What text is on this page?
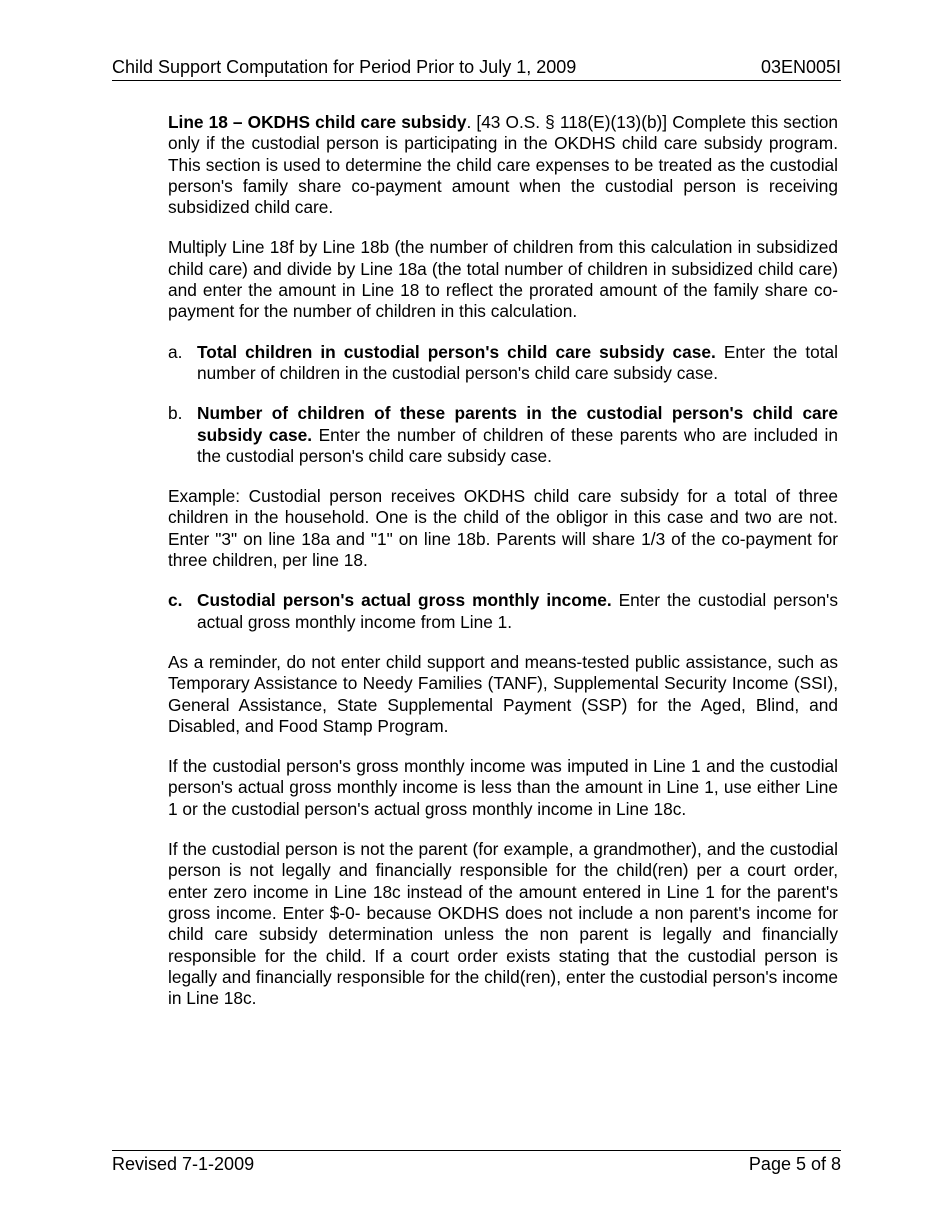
Child Support Computation for Period Prior to July 1, 2009	03EN005I

Line 18 – OKDHS child care subsidy. [43 O.S. § 118(E)(13)(b)] Complete this section only if the custodial person is participating in the OKDHS child care subsidy program. This section is used to determine the child care expenses to be treated as the custodial person's family share co-payment amount when the custodial person is receiving subsidized child care.

Multiply Line 18f by Line 18b (the number of children from this calculation in subsidized child care) and divide by Line 18a (the total number of children in subsidized child care) and enter the amount in Line 18 to reflect the prorated amount of the family share co-payment for the number of children in this calculation.

a. Total children in custodial person's child care subsidy case. Enter the total number of children in the custodial person's child care subsidy case.
b. Number of children of these parents in the custodial person's child care subsidy case. Enter the number of children of these parents who are included in the custodial person's child care subsidy case.

Example: Custodial person receives OKDHS child care subsidy for a total of three children in the household. One is the child of the obligor in this case and two are not. Enter "3" on line 18a and "1" on line 18b. Parents will share 1/3 of the co-payment for three children, per line 18.

c. Custodial person's actual gross monthly income. Enter the custodial person's actual gross monthly income from Line 1.

As a reminder, do not enter child support and means-tested public assistance, such as Temporary Assistance to Needy Families (TANF), Supplemental Security Income (SSI), General Assistance, State Supplemental Payment (SSP) for the Aged, Blind, and Disabled, and Food Stamp Program.

If the custodial person's gross monthly income was imputed in Line 1 and the custodial person's actual gross monthly income is less than the amount in Line 1, use either Line 1 or the custodial person's actual gross monthly income in Line 18c.

If the custodial person is not the parent (for example, a grandmother), and the custodial person is not legally and financially responsible for the child(ren) per a court order, enter zero income in Line 18c instead of the amount entered in Line 1 for the parent's gross income. Enter $-0- because OKDHS does not include a non parent's income for child care subsidy determination unless the non parent is legally and financially responsible for the child. If a court order exists stating that the custodial person is legally and financially responsible for the child(ren), enter the custodial person's income in Line 18c.

Revised 7-1-2009	Page 5 of 8
